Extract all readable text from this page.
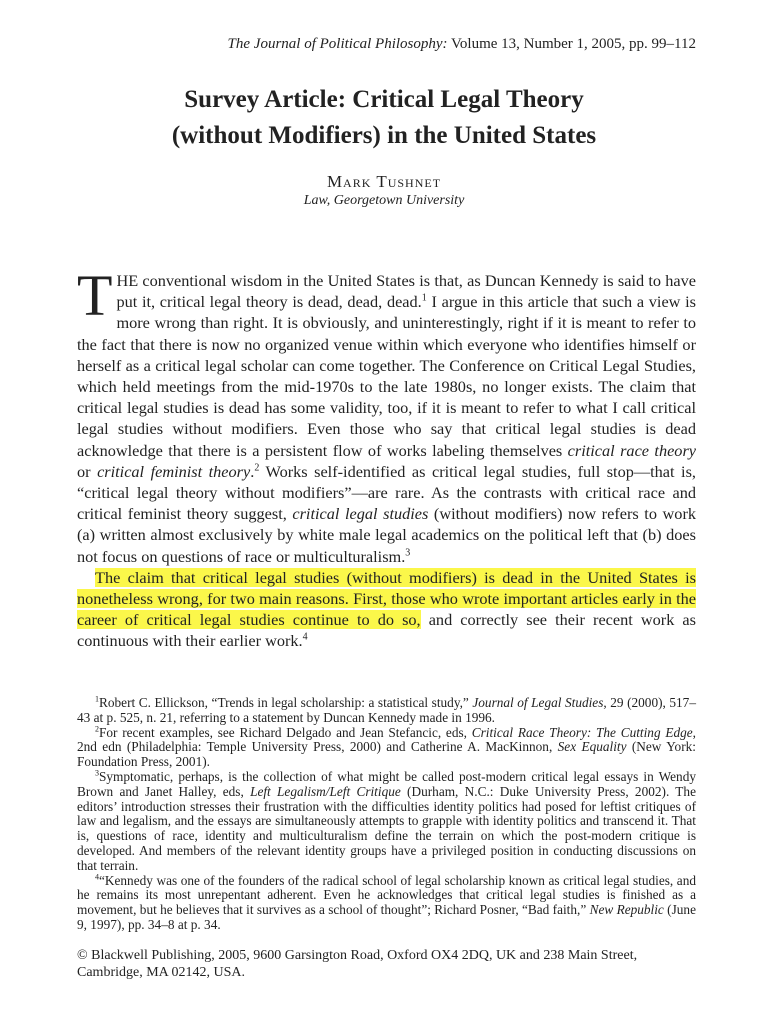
The Journal of Political Philosophy: Volume 13, Number 1, 2005, pp. 99–112
Survey Article: Critical Legal Theory
(without Modifiers) in the United States
Mark Tushnet
Law, Georgetown University

THE conventional wisdom in the United States is that, as Duncan Kennedy is said to have put it, critical legal theory is dead, dead, dead.$^1$ I argue in this article that such a view is more wrong than right. It is obviously, and uninterestingly, right if it is meant to refer to the fact that there is now no organized venue within which everyone who identifies himself or herself as a critical legal scholar can come together. The Conference on Critical Legal Studies, which held meetings from the mid-1970s to the late 1980s, no longer exists. The claim that critical legal studies is dead has some validity, too, if it is meant to refer to what I call critical legal studies without modifiers. Even those who say that critical legal studies is dead acknowledge that there is a persistent flow of works labeling themselves critical race theory or critical feminist theory.$^2$ Works self-identified as critical legal studies, full stop—that is, “critical legal theory without modifiers”—are rare. As the contrasts with critical race and critical feminist theory suggest, critical legal studies (without modifiers) now refers to work (a) written almost exclusively by white male legal academics on the political left that (b) does not focus on questions of race or multiculturalism.$^3$

The claim that critical legal studies (without modifiers) is dead in the United States is nonetheless wrong, for two main reasons. First, those who wrote important articles early in the career of critical legal studies continue to do so, and correctly see their recent work as continuous with their earlier work.$^4$

$^1$Robert C. Ellickson, “Trends in legal scholarship: a statistical study,” Journal of Legal Studies, 29 (2000), 517–43 at p. 525, n. 21, referring to a statement by Duncan Kennedy made in 1996.

$^2$For recent examples, see Richard Delgado and Jean Stefancic, eds, Critical Race Theory: The Cutting Edge, 2nd edn (Philadelphia: Temple University Press, 2000) and Catherine A. MacKinnon, Sex Equality (New York: Foundation Press, 2001).

$^3$Symptomatic, perhaps, is the collection of what might be called post-modern critical legal essays in Wendy Brown and Janet Halley, eds, Left Legalism/Left Critique (Durham, N.C.: Duke University Press, 2002). The editors’ introduction stresses their frustration with the difficulties identity politics had posed for leftist critiques of law and legalism, and the essays are simultaneously attempts to grapple with identity politics and transcend it. That is, questions of race, identity and multiculturalism define the terrain on which the post-modern critique is developed. And members of the relevant identity groups have a privileged position in conducting discussions on that terrain.

$^4$“Kennedy was one of the founders of the radical school of legal scholarship known as critical legal studies, and he remains its most unrepentant adherent. Even he acknowledges that critical legal studies is finished as a movement, but he believes that it survives as a school of thought”; Richard Posner, “Bad faith,” New Republic (June 9, 1997), pp. 34–8 at p. 34.

© Blackwell Publishing, 2005, 9600 Garsington Road, Oxford OX4 2DQ, UK and 238 Main Street, Cambridge, MA 02142, USA.
